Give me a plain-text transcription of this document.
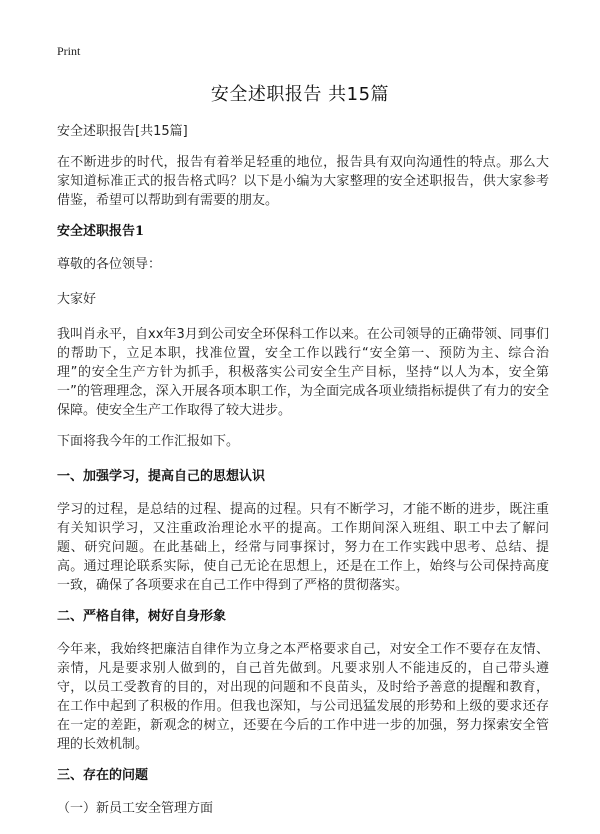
Print
安全述职报告 共15篇

安全述职报告[共15篇]

在不断进步的时代，报告有着举足轻重的地位，报告具有双向沟通性的特点。那么大家知道标准正式的报告格式吗？以下是小编为大家整理的安全述职报告，供大家参考借鉴，希望可以帮助到有需要的朋友。

安全述职报告1

尊敬的各位领导：

大家好

我叫肖永平，自xx年3月到公司安全环保科工作以来。在公司领导的正确带领、同事们的帮助下，立足本职，找准位置，安全工作以践行“安全第一、预防为主、综合治理”的安全生产方针为抓手，积极落实公司安全生产目标，坚持“以人为本，安全第一”的管理理念，深入开展各项本职工作，为全面完成各项业绩指标提供了有力的安全保障。使安全生产工作取得了较大进步。

下面将我今年的工作汇报如下。

一、加强学习，提高自己的思想认识

学习的过程，是总结的过程、提高的过程。只有不断学习，才能不断的进步，既注重有关知识学习，又注重政治理论水平的提高。工作期间深入班组、职工中去了解问题、研究问题。在此基础上，经常与同事探讨，努力在工作实践中思考、总结、提高。通过理论联系实际，使自己无论在思想上，还是在工作上，始终与公司保持高度一致，确保了各项要求在自己工作中得到了严格的贯彻落实。

二、严格自律，树好自身形象

今年来，我始终把廉洁自律作为立身之本严格要求自己，对安全工作不要存在友情、亲情，凡是要求别人做到的，自己首先做到。凡要求别人不能违反的，自己带头遵守，以员工受教育的目的，对出现的问题和不良苗头，及时给予善意的提醒和教育，在工作中起到了积极的作用。但我也深知，与公司迅猛发展的形势和上级的要求还存在一定的差距，新观念的树立，还要在今后的工作中进一步的加强，努力探索安全管理的长效机制。

三、存在的问题

（一）新员工安全管理方面
